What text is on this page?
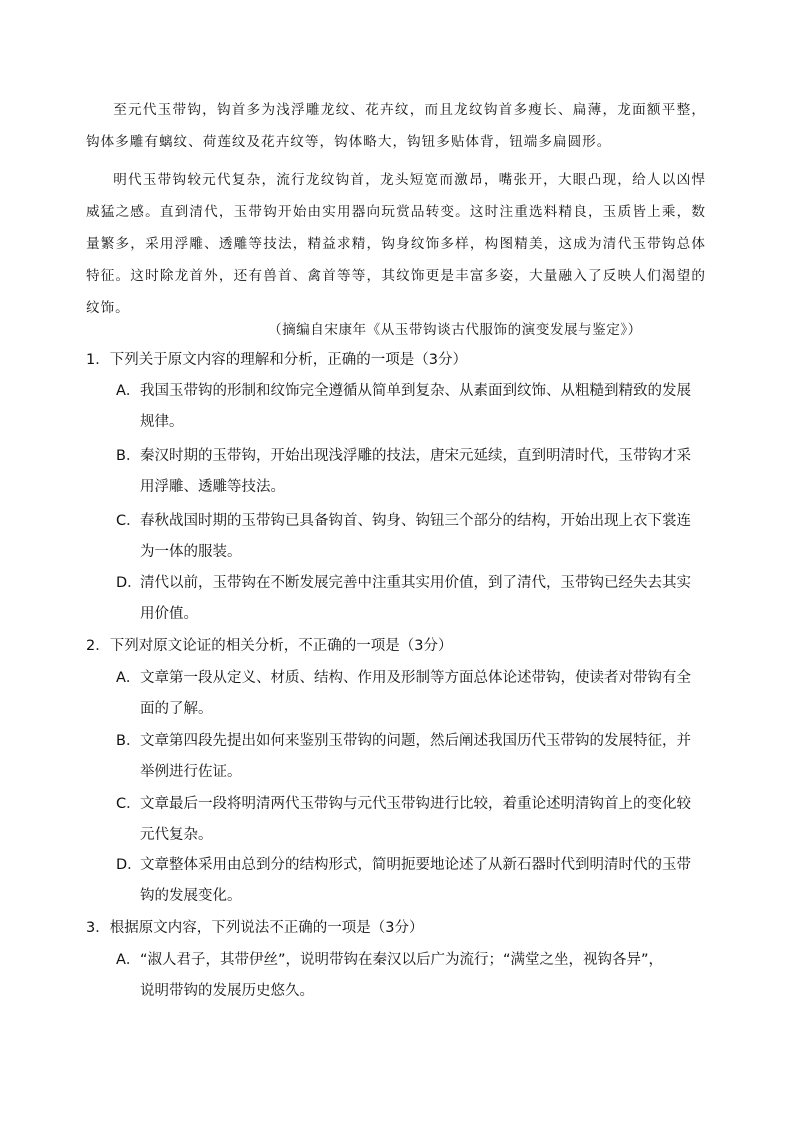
至元代玉带钩，钩首多为浅浮雕龙纹、花卉纹，而且龙纹钩首多瘦长、扁薄，龙面额平整，钩体多雕有螭纹、荷莲纹及花卉纹等，钩体略大，钩钮多贴体背，钮端多扁圆形。

明代玉带钩较元代复杂，流行龙纹钩首，龙头短宽而激昂，嘴张开，大眼凸现，给人以凶悍威猛之感。直到清代，玉带钩开始由实用器向玩赏品转变。这时注重选料精良，玉质皆上乘，数量繁多，采用浮雕、透雕等技法，精益求精，钩身纹饰多样，构图精美，这成为清代玉带钩总体特征。这时除龙首外，还有兽首、禽首等等，其纹饰更是丰富多姿，大量融入了反映人们渴望的纹饰。

（摘编自宋康年《从玉带钩谈古代服饰的演变发展与鉴定》）
1．下列关于原文内容的理解和分析，正确的一项是（3分）
A．我国玉带钩的形制和纹饰完全遵循从简单到复杂、从素面到纹饰、从粗糙到精致的发展
规律。
B．秦汉时期的玉带钩，开始出现浅浮雕的技法，唐宋元延续，直到明清时代，玉带钩才采
用浮雕、透雕等技法。
C．春秋战国时期的玉带钩已具备钩首、钩身、钩钮三个部分的结构，开始出现上衣下裳连
为一体的服装。
D．清代以前，玉带钩在不断发展完善中注重其实用价值，到了清代，玉带钩已经失去其实
用价值。
2．下列对原文论证的相关分析，不正确的一项是（3分）
A．文章第一段从定义、材质、结构、作用及形制等方面总体论述带钩，使读者对带钩有全
面的了解。
B．文章第四段先提出如何来鉴别玉带钩的问题，然后阐述我国历代玉带钩的发展特征，并
举例进行佐证。
C．文章最后一段将明清两代玉带钩与元代玉带钩进行比较，着重论述明清钩首上的变化较
元代复杂。
D．文章整体采用由总到分的结构形式，简明扼要地论述了从新石器时代到明清时代的玉带
钩的发展变化。
3．根据原文内容，下列说法不正确的一项是（3分）
A．“淑人君子，其带伊丝”，说明带钩在秦汉以后广为流行；“满堂之坐，视钩各异”，
说明带钩的发展历史悠久。
